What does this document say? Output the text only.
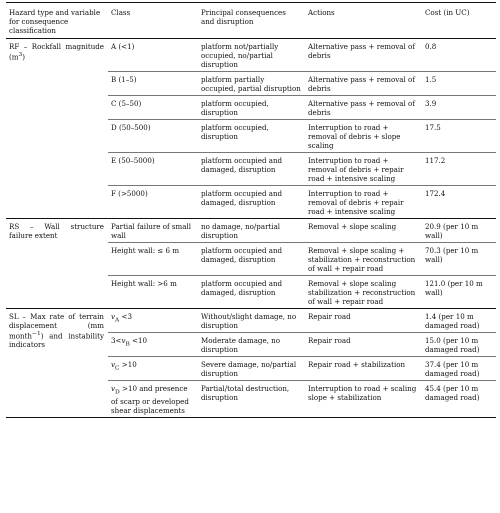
Hazard type and variable for consequence classification	Class	Principal consequences and disruption	Actions	Cost (in UC)
RF – Rockfall magnitude $(m^3)$	A (<1)	platform not/partially occupied, no/partial disruption	Alternative pass + removal of debris	0.8
	B (1–5)	platform partially occupied, partial disruption	Alternative pass + removal of debris	1.5
	C (5–50)	platform occupied, disruption	Alternative pass + removal of debris	3.9
	D (50–500)	platform occupied, disruption	Interruption to road + removal of debris + slope scaling	17.5
	E (50–5000)	platform occupied and damaged, disruption	Interruption to road + removal of debris + repair road + intensive scaling	117.2
	F (>5000)	platform occupied and damaged, disruption	Interruption to road + removal of debris + repair road + intensive scaling	172.4
RS – Wall structure failure extent	Partial failure of small wall	no damage, no/partial disruption	Removal + slope scaling	20.9 (per 10 m wall)
	Height wall: ≤ 6 m	platform occupied and damaged, disruption	Removal + slope scaling + stabilization + reconstruction of wall + repair road	70.3 (per 10 m wall)
	Height wall: >6 m	platform occupied and damaged, disruption	Removal + slope scaling stabilization + reconstruction of wall + repair road	121.0 (per 10 m wall)
SL – Max rate of terrain displacement (mm month$^{-1}$) and instability indicators	$v_A <3$	Without/slight damage, no disruption	Repair road	1.4 (per 10 m damaged road)
	$3<v_B <10$	Moderate damage, no disruption	Repair road	15.0 (per 10 m damaged road)
	$v_C >10$	Severe damage, no/partial disruption	Repair road + stabilization	37.4 (per 10 m damaged road)
	$v_D >10$ and presence of scarp or developed shear displacements	Partial/total destruction, disruption	Interruption to road + scaling slope + stabilization	45.4 (per 10 m damaged road)
